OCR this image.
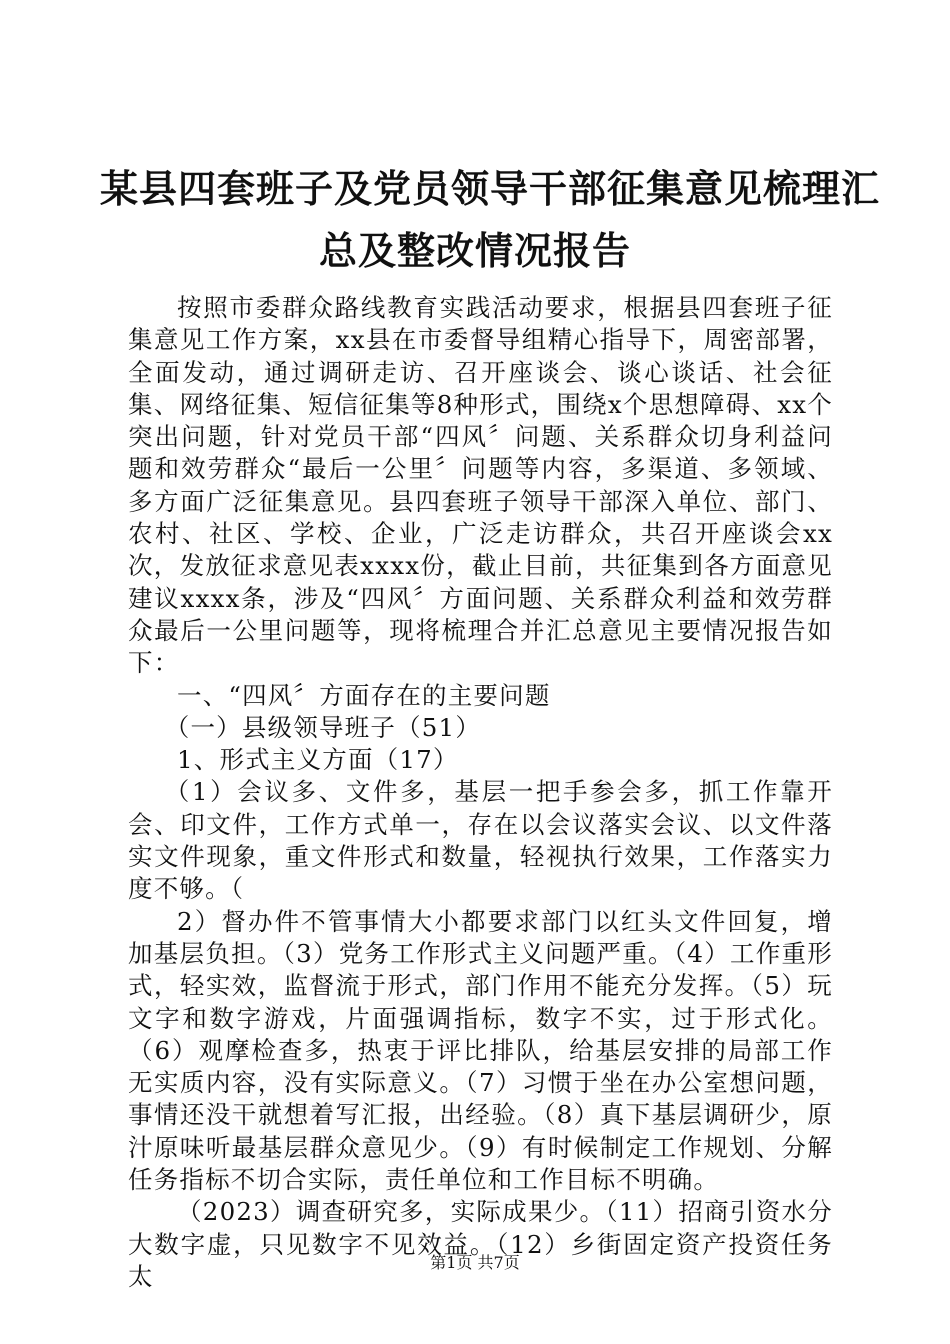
某县四套班子及党员领导干部征集意见梳理汇
总及整改情况报告

按照市委群众路线教育实践活动要求，根据县四套班子征集意见工作方案，xx县在市委督导组精心指导下，周密部署，全面发动，通过调研走访、召开座谈会、谈心谈话、社会征集、网络征集、短信征集等8种形式，围绕x个思想障碍、xx个突出问题，针对党员干部“四风〞问题、关系群众切身利益问题和效劳群众“最后一公里〞问题等内容，多渠道、多领域、多方面广泛征集意见。县四套班子领导干部深入单位、部门、农村、社区、学校、企业，广泛走访群众，共召开座谈会xx次，发放征求意见表xxxx份，截止目前，共征集到各方面意见建议xxxx条，涉及“四风〞方面问题、关系群众利益和效劳群众最后一公里问题等，现将梳理合并汇总意见主要情况报告如下：

一、“四风〞方面存在的主要问题

（一）县级领导班子（51）

1、形式主义方面（17）

（1）会议多、文件多，基层一把手参会多，抓工作靠开会、印文件，工作方式单一，存在以会议落实会议、以文件落实文件现象，重文件形式和数量，轻视执行效果，工作落实力度不够。（

2）督办件不管事情大小都要求部门以红头文件回复，增加基层负担。（3）党务工作形式主义问题严重。（4）工作重形式，轻实效，监督流于形式，部门作用不能充分发挥。（5）玩文字和数字游戏，片面强调指标，数字不实，过于形式化。（6）观摩检查多，热衷于评比排队，给基层安排的局部工作无实质内容，没有实际意义。（7）习惯于坐在办公室想问题，事情还没干就想着写汇报，出经验。（8）真下基层调研少，原汁原味听最基层群众意见少。（9）有时候制定工作规划、分解任务指标不切合实际，责任单位和工作目标不明确。

（2023）调查研究多，实际成果少。（11）招商引资水分大数字虚，只见数字不见效益。（12）乡街固定资产投资任务太	第1页 共7页
